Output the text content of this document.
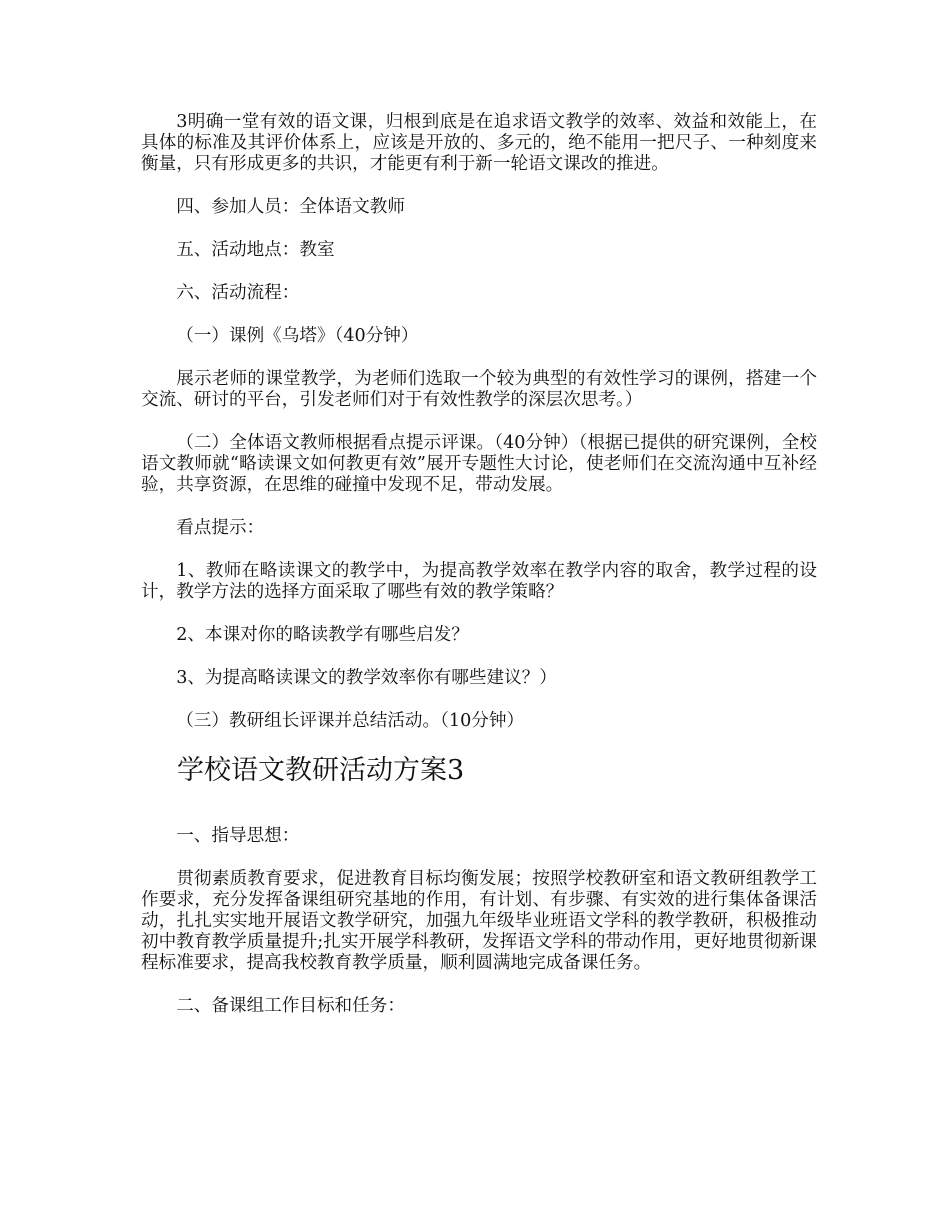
3明确一堂有效的语文课，归根到底是在追求语文教学的效率、效益和效能上，在具体的标准及其评价体系上，应该是开放的、多元的，绝不能用一把尺子、一种刻度来衡量，只有形成更多的共识，才能更有利于新一轮语文课改的推进。

四、参加人员：全体语文教师

五、活动地点：教室

六、活动流程：

（一）课例《乌塔》（40分钟）

展示老师的课堂教学，为老师们选取一个较为典型的有效性学习的课例，搭建一个交流、研讨的平台，引发老师们对于有效性教学的深层次思考。）

（二）全体语文教师根据看点提示评课。（40分钟）（根据已提供的研究课例，全校语文教师就“略读课文如何教更有效”展开专题性大讨论，使老师们在交流沟通中互补经验，共享资源，在思维的碰撞中发现不足，带动发展。

看点提示：

1、教师在略读课文的教学中，为提高教学效率在教学内容的取舍，教学过程的设计，教学方法的选择方面采取了哪些有效的教学策略？

2、本课对你的略读教学有哪些启发？

3、为提高略读课文的教学效率你有哪些建议？）

（三）教研组长评课并总结活动。（10分钟）

学校语文教研活动方案3

一、指导思想：

贯彻素质教育要求，促进教育目标均衡发展；按照学校教研室和语文教研组教学工作要求，充分发挥备课组研究基地的作用，有计划、有步骤、有实效的进行集体备课活动，扎扎实实地开展语文教学研究，加强九年级毕业班语文学科的教学教研，积极推动初中教育教学质量提升;扎实开展学科教研，发挥语文学科的带动作用，更好地贯彻新课程标准要求，提高我校教育教学质量，顺利圆满地完成备课任务。

二、备课组工作目标和任务：
